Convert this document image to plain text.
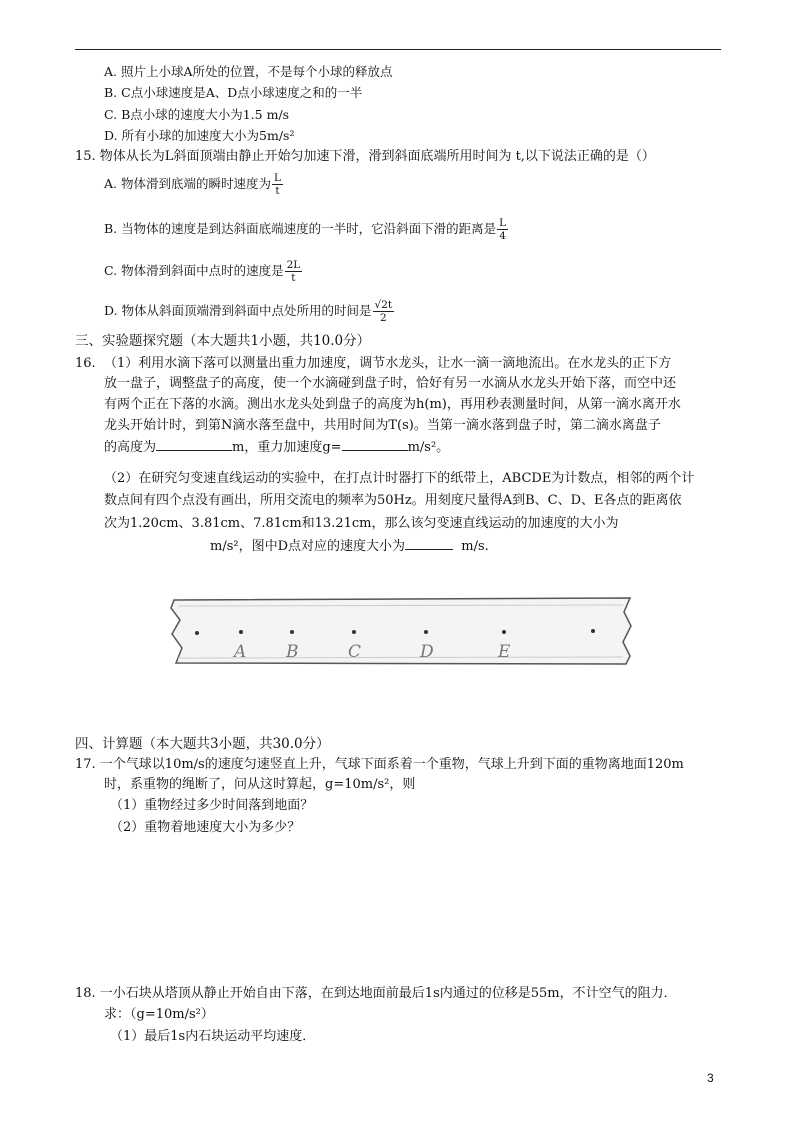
A. 照片上小球A所处的位置，不是每个小球的释放点
B. C点小球速度是A、D点小球速度之和的一半
C. B点小球的速度大小为1.5 m/s
D. 所有小球的加速度大小为5m/s²
15. 物体从长为L斜面顶端由静止开始匀加速下滑，滑到斜面底端所用时间为 t,以下说法正确的是（）
A. 物体滑到底端的瞬时速度为 $\frac{L}{t}$
B. 当物体的速度是到达斜面底端速度的一半时，它沿斜面下滑的距离是 $\frac{L}{4}$
C. 物体滑到斜面中点时的速度是 $\frac{2L}{t}$
D. 物体从斜面顶端滑到斜面中点处所用的时间是 $\frac{√2t}{2}$
三、实验题探究题（本大题共1小题，共10.0分）
16. （1）利用水滴下落可以测量出重力加速度，调节水龙头，让水一滴一滴地流出。在水龙头的正下方
放一盘子，调整盘子的高度，使一个水滴碰到盘子时，恰好有另一水滴从水龙头开始下落，而空中还
有两个正在下落的水滴。测出水龙头处到盘子的高度为h(m)，再用秒表测量时间，从第一滴水离开水
龙头开始计时，到第N滴水落至盘中，共用时间为T(s)。当第一滴水落到盘子时，第二滴水离盘子
的高度为	m，重力加速度g=	m/s²。
（2）在研究匀变速直线运动的实验中，在打点计时器打下的纸带上，ABCDE为计数点，相邻的两个计
数点间有四个点没有画出，所用交流电的频率为50Hz。用刻度尺量得A到B、C、D、E各点的距离依
次为1.20cm、3.81cm、7.81cm和13.21cm，那么该匀变速直线运动的加速度的大小为
m/s²，图中D点对应的速度大小为	m/s.
A B	C	D	E
四、计算题（本大题共3小题，共30.0分）
17. 一个气球以10m/s的速度匀速竖直上升，气球下面系着一个重物，气球上升到下面的重物离地面120m
时，系重物的绳断了，问从这时算起，g=10m/s²，则
（1）重物经过多少时间落到地面？
（2）重物着地速度大小为多少？
18. 一小石块从塔顶从静止开始自由下落，在到达地面前最后1s内通过的位移是55m，不计空气的阻力．
求：（g=10m/s²）
（1）最后1s内石块运动平均速度．
3
